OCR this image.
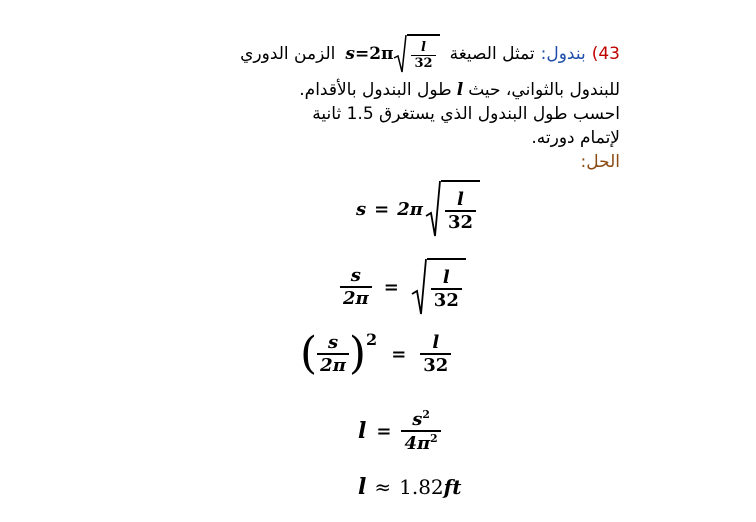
43)
بندول:
تمثل الصيغة
$s =2\pi \frac{l}{32}$
الزمن الدوري
للبندول بالثواني، حيث
l
طول البندول بالأقدام.
احسب طول البندول الذي يستغرق 1.5 ثانية
لإتمام دورته.
الحل:
$s = 2\pi \frac{l}{32}$
$\frac{s}{2\pi} = \frac{l}{32}$
( $\frac{s}{2\pi}$ ) 2
= $\frac{l}{32}$
$l = \frac{s^2}{4\pi^2}$
l ≈ 1.82 ft
